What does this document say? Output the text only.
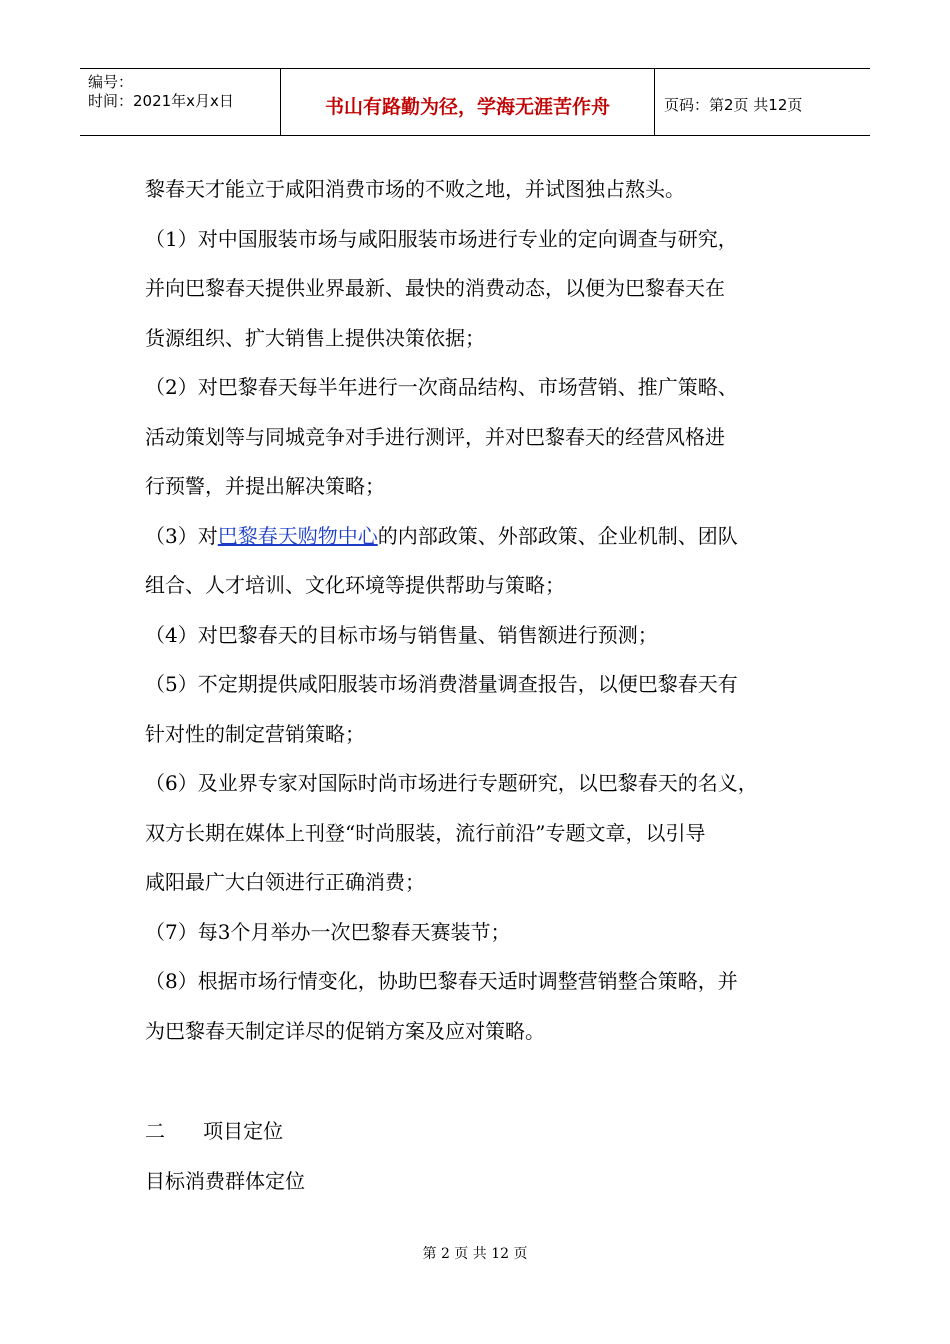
编号：
时间：2021年x月x日	书山有路勤为径，学海无涯苦作舟	页码：第2页 共12页
黎春天才能立于咸阳消费市场的不败之地，并试图独占熬头。
（1）对中国服装市场与咸阳服装市场进行专业的定向调查与研究，
并向巴黎春天提供业界最新、最快的消费动态，以便为巴黎春天在
货源组织、扩大销售上提供决策依据；
（2）对巴黎春天每半年进行一次商品结构、市场营销、推广策略、
活动策划等与同城竞争对手进行测评，并对巴黎春天的经营风格进
行预警，并提出解决策略；
（3）对巴黎春天购物中心的内部政策、外部政策、企业机制、团队
组合、人才培训、文化环境等提供帮助与策略；
（4）对巴黎春天的目标市场与销售量、销售额进行预测；
（5）不定期提供咸阳服装市场消费潜量调查报告，以便巴黎春天有
针对性的制定营销策略；
（6）及业界专家对国际时尚市场进行专题研究，以巴黎春天的名义，
双方长期在媒体上刊登“时尚服装，流行前沿”专题文章，以引导
咸阳最广大白领进行正确消费；
（7）每3个月举办一次巴黎春天赛装节；
（8）根据市场行情变化，协助巴黎春天适时调整营销整合策略，并
为巴黎春天制定详尽的促销方案及应对策略。
二      项目定位
目标消费群体定位
第 2 页 共 12 页
